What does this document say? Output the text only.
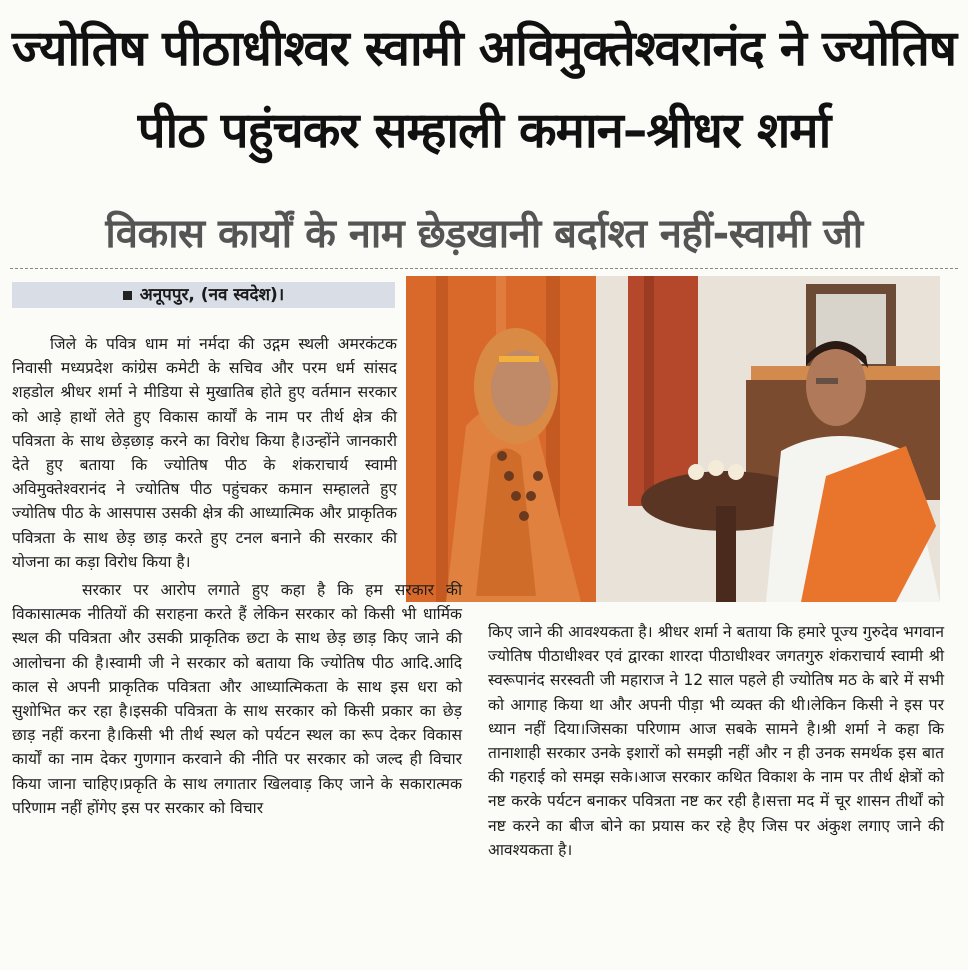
ज्योतिष पीठाधीश्वर स्वामी अविमुक्तेश्वरानंद ने ज्योतिष
पीठ पहुंचकर सम्हाली कमान–श्रीधर शर्मा
विकास कार्यों के नाम छेड़खानी बर्दाश्त नहीं-स्वामी जी
अनूपपुर, (नव स्वदेश)।

जिले के पवित्र धाम मां नर्मदा की उद्गम स्थली अमरकंटक निवासी मध्यप्रदेश कांग्रेस कमेटी के सचिव और परम धर्म सांसद शहडोल श्रीधर शर्मा ने मीडिया से मुखातिब होते हुए वर्तमान सरकार को आड़े हाथों लेते हुए विकास कार्यों के नाम पर तीर्थ क्षेत्र की पवित्रता के साथ छेड़छाड़ करने का विरोध किया है।उन्होंने जानकारी देते हुए बताया कि ज्योतिष पीठ के शंकराचार्य स्वामी अविमुक्तेश्वरानंद ने ज्योतिष पीठ पहुंचकर कमान सम्हालते हुए ज्योतिष पीठ के आसपास उसकी क्षेत्र की आध्यात्मिक और प्राकृतिक पवित्रता के साथ छेड़ छाड़ करते हुए टनल बनाने की सरकार की योजना का कड़ा विरोध किया है।

सरकार पर आरोप लगाते हुए कहा है कि हम सरकार की विकासात्मक नीतियों की सराहना करते हैं लेकिन सरकार को किसी भी धार्मिक स्थल की पवित्रता और उसकी प्राकृतिक छटा के साथ छेड़ छाड़ किए जाने की आलोचना की है।स्वामी जी ने सरकार को बताया कि ज्योतिष पीठ आदि.आदि काल से अपनी प्राकृतिक पवित्रता और आध्यात्मिकता के साथ इस धरा को सुशोभित कर रहा है।इसकी पवित्रता के साथ सरकार को किसी प्रकार का छेड़ छाड़ नहीं करना है।किसी भी तीर्थ स्थल को पर्यटन स्थल का रूप देकर विकास कार्यों का नाम देकर गुणगान करवाने की नीति पर सरकार को जल्द ही विचार किया जाना चाहिए।प्रकृति के साथ लगातार खिलवाड़ किए जाने के सकारात्मक परिणाम नहीं होंगेए इस पर सरकार को विचार

किए जाने की आवश्यकता है। श्रीधर शर्मा ने बताया कि हमारे पूज्य गुरुदेव भगवान ज्योतिष पीठाधीश्वर एवं द्वारका शारदा पीठाधीश्वर जगतगुरु शंकराचार्य स्वामी श्री स्वरूपानंद सरस्वती जी महाराज ने 12 साल पहले ही ज्योतिष मठ के बारे में सभी को आगाह किया था और अपनी पीड़ा भी व्यक्त की थी।लेकिन किसी ने इस पर ध्यान नहीं दिया।जिसका परिणाम आज सबके सामने है।श्री शर्मा ने कहा कि तानाशाही सरकार उनके इशारों को समझी नहीं और न ही उनक समर्थक इस बात की गहराई को समझ सके।आज सरकार कथित विकाश के नाम पर तीर्थ क्षेत्रों को नष्ट करके पर्यटन बनाकर पवित्रता नष्ट कर रही है।सत्ता मद में चूर शासन तीर्थों को नष्ट करने का बीज बोने का प्रयास कर रहे हैए जिस पर अंकुश लगाए जाने की आवश्यकता है।
